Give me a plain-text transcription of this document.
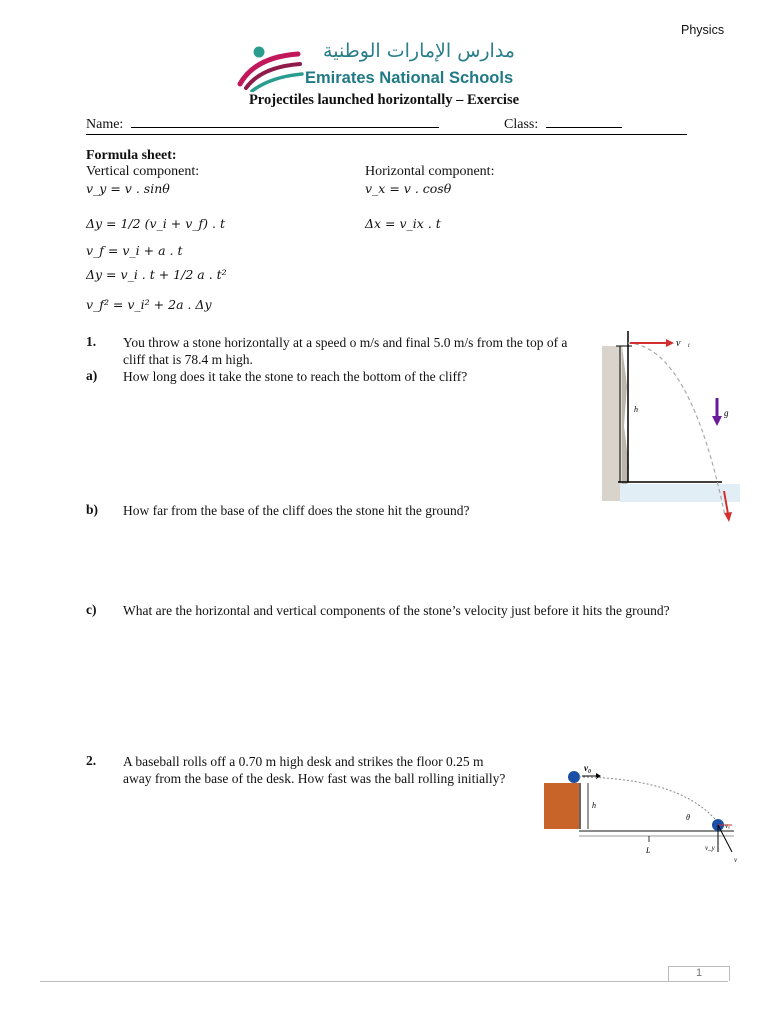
Physics
مدارس الإمارات الوطنية
Emirates National Schools
Projectiles launched horizontally – Exercise
Name:	Class:
Formula sheet:
Vertical component:	Horizontal component:
v_y = v . sinθ	v_x = v . cosθ
Δy = 1/2 (v_i + v_f) . t	Δx = v_ix . t
v_f = v_i + a . t
Δy = v_i . t + 1/2 a . t²
v_f² = v_i² + 2a . Δy
1. You throw a stone horizontally at a speed o m/s and final 5.0 m/s from the top of a cliff that is 78.4 m high.
a) How long does it take the stone to reach the bottom of the cliff?
b) How far from the base of the cliff does the stone hit the ground?
c) What are the horizontal and vertical components of the stone’s velocity just before it hits the ground?
h
v⃗ᵢ
g⃗
2. A baseball rolls off a 0.70 m high desk and strikes the floor 0.25 m away from the base of the desk. How fast was the ball rolling initially?
h
v₀
θ
vₓ
v_y
v
L
1
